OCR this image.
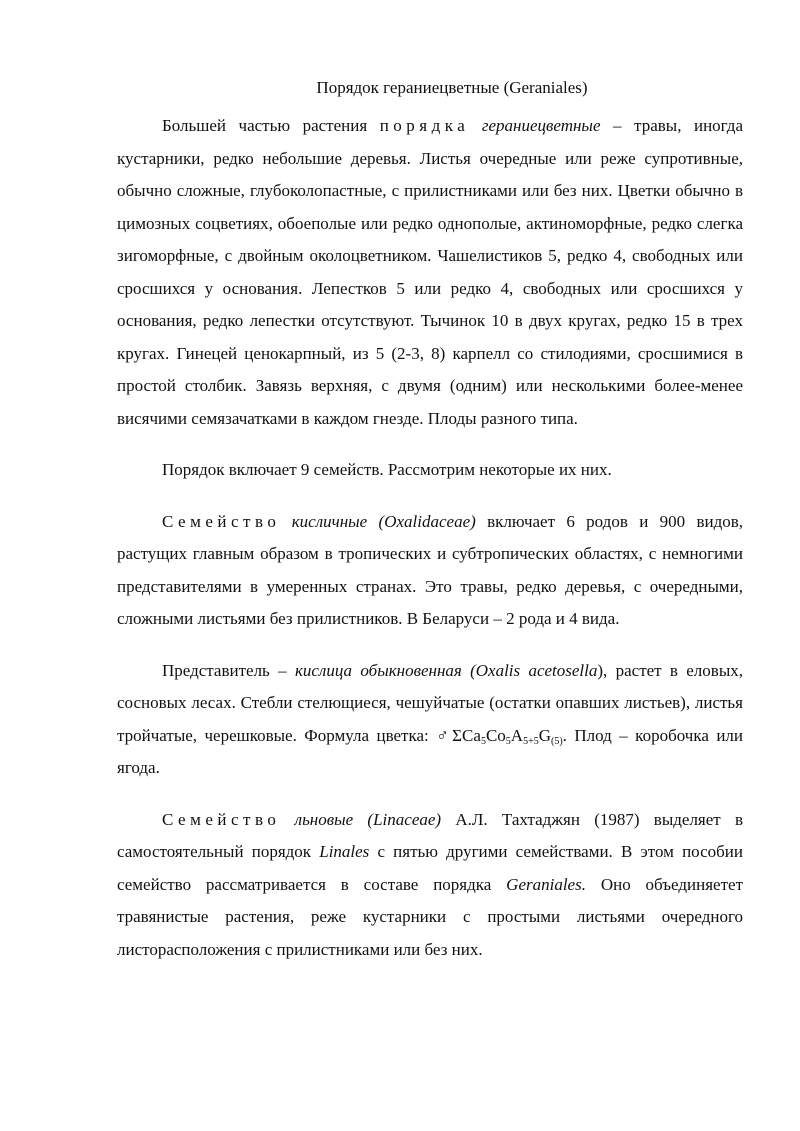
Порядок гераниецветные (Geraniales)

Большей частью растения порядка гераниецветные – травы, иногда кустарники, редко небольшие деревья. Листья очередные или реже супротивные, обычно сложные, глубоколопастные, с прилистниками или без них. Цветки обычно в цимозных соцветиях, обоеполые или редко однополые, актиноморфные, редко слегка зигоморфные, с двойным околоцветником. Чашелистиков 5, редко 4, свободных или сросшихся у основания. Лепестков 5 или редко 4, свободных или сросшихся у основания, редко лепестки отсутствуют. Тычинок 10 в двух кругах, редко 15 в трех кругах. Гинецей ценокарпный, из 5 (2-3, 8) карпелл со стилодиями, сросшимися в простой столбик. Завязь верхняя, с двумя (одним) или несколькими более-менее висячими семязачатками в каждом гнезде. Плоды разного типа.

Порядок включает 9 семейств. Рассмотрим некоторые их них.

Семейство кисличные (Oxalidaceae) включает 6 родов и 900 видов, растущих главным образом в тропических и субтропических областях, с немногими представителями в умеренных странах. Это травы, редко деревья, с очередными, сложными листьями без прилистников. В Беларуси – 2 рода и 4 вида.

Представитель – кислица обыкновенная (Oxalis acetosella), растет в еловых, сосновых лесах. Стебли стелющиеся, чешуйчатые (остатки опавших листьев), листья тройчатые, черешковые. Формула цветка: $♂\Sigma Ca_5Co_5A_{5+5}G_{(5)}$. Плод – коробочка или ягода.

Семейство льновые (Linaceae) А.Л. Тахтаджян (1987) выделяет в самостоятельный порядок Linales с пятью другими семействами. В этом пособии семейство рассматривается в составе порядка Geraniales. Оно объединяетет травянистые растения, реже кустарники с простыми листьями очередного листорасположения с прилистниками или без них.
